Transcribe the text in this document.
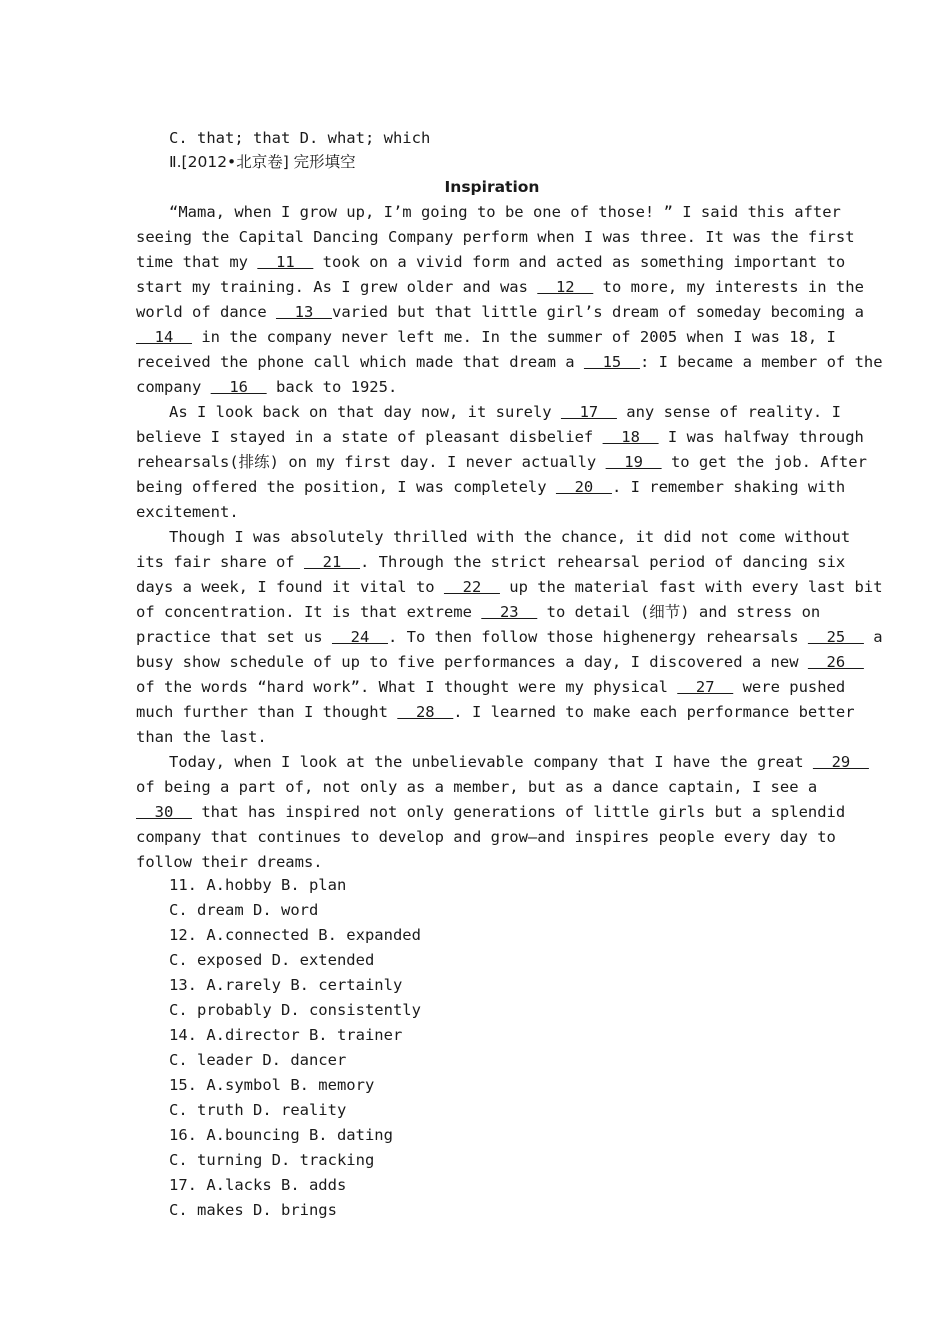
C. that; that D. what; which
Ⅱ.[2012•北京卷] 完形填空
Inspiration
“Mama, when I grow up, I’m going to be one of those! ” I said this after
seeing the Capital Dancing Company perform when I was three. It was the first
time that my   11   took on a vivid form and acted as something important to
start my training. As I grew older and was   12   to more, my interests in the
world of dance   13  varied but that little girl’s dream of someday becoming a
14   in the company never left me. In the summer of 2005 when I was 18, I
received the phone call which made that dream a   15  : I became a member of the
company   16   back to 1925.
As I look back on that day now, it surely   17   any sense of reality. I
believe I stayed in a state of pleasant disbelief   18   I was halfway through
rehearsals(排练) on my first day. I never actually   19   to get the job. After
being offered the position, I was completely   20  . I remember shaking with
excitement.
Though I was absolutely thrilled with the chance, it did not come without
its fair share of   21  . Through the strict rehearsal period of dancing six
days a week, I found it vital to   22   up the material fast with every last bit
of concentration. It is that extreme   23   to detail (细节) and stress on
practice that set us   24  . To then follow those highenergy rehearsals   25   a
busy show schedule of up to five performances a day, I discovered a new   26
of the words “hard work”. What I thought were my physical   27   were pushed
much further than I thought   28  . I learned to make each performance better
than the last.
Today, when I look at the unbelievable company that I have the great   29
of being a part of, not only as a member, but as a dance captain, I see a
30   that has inspired not only generations of little girls but a splendid
company that continues to develop and grow—and inspires people every day to
follow their dreams.
11. A.hobby B. plan
C. dream D. word
12. A.connected B. expanded
C. exposed D. extended
13. A.rarely B. certainly
C. probably D. consistently
14. A.director B. trainer
C. leader D. dancer
15. A.symbol B. memory
C. truth D. reality
16. A.bouncing B. dating
C. turning D. tracking
17. A.lacks B. adds
C. makes D. brings
